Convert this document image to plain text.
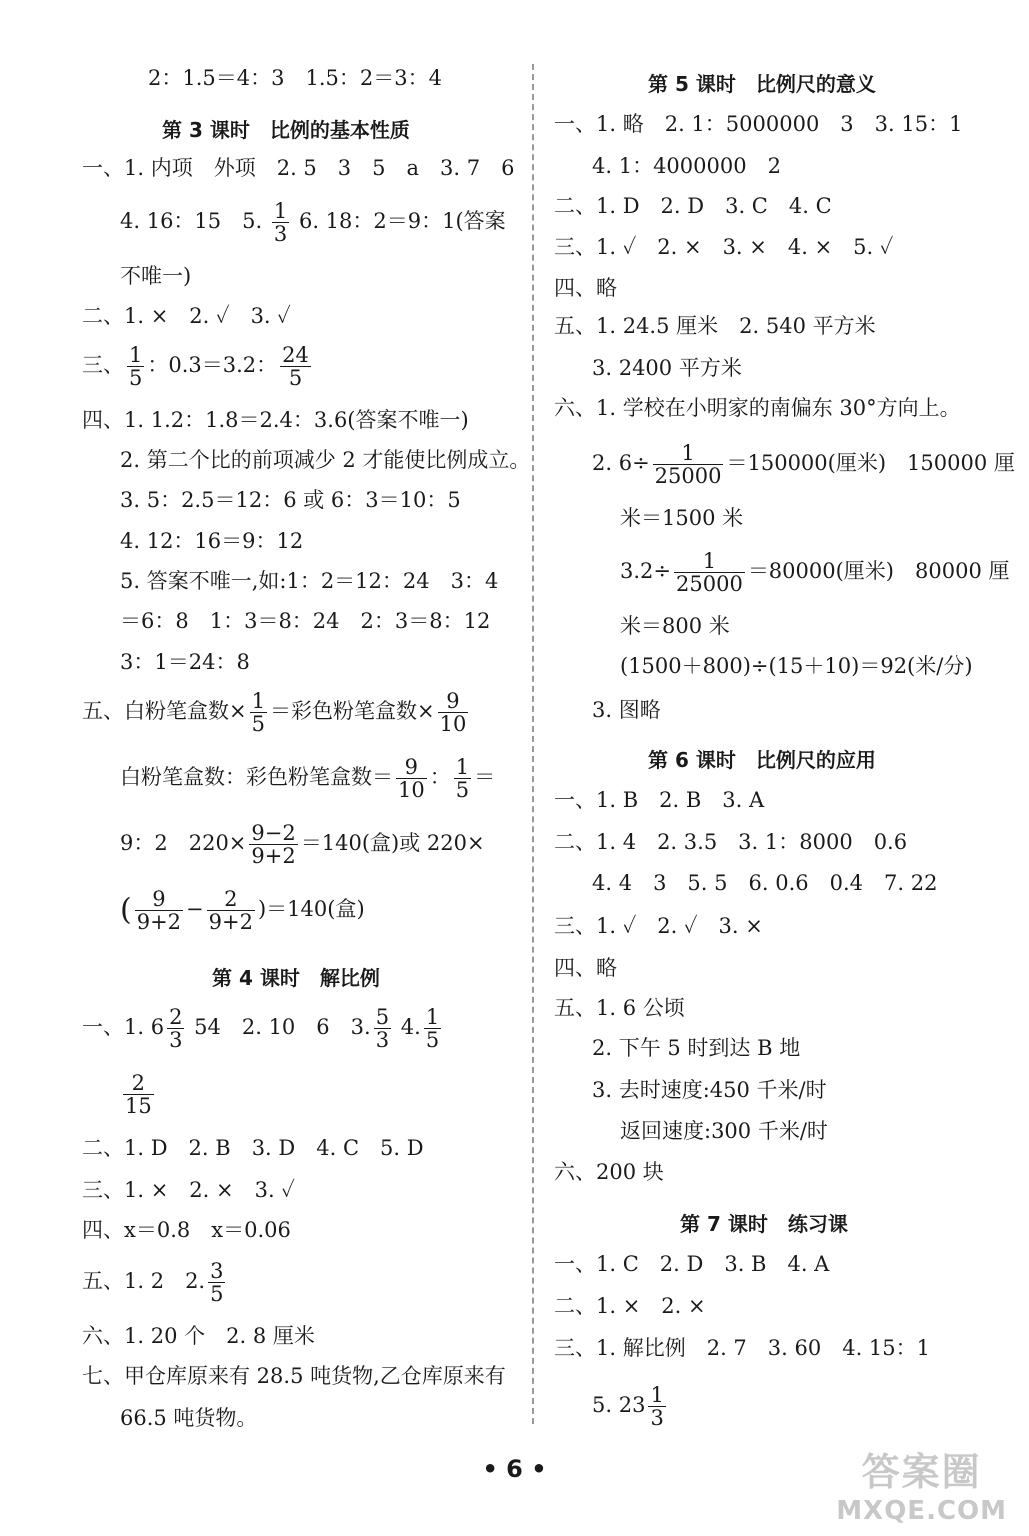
2：1.5＝4：3　1.5：2＝3：4
第 3 课时　比例的基本性质
一、1. 内项　外项　2. 5　3　5　a　3. 7　6
4. 16：15　5. $\frac{1}{3} 6$. 18：2＝9：1(答案
不唯一)
二、1. ×　2. ✓　3. ✓
三、 $\frac{1}{5}$ ：0.3＝3.2： $\frac{24}{5}$
四、1. 1.2：1.8＝2.4：3.6(答案不唯一)
2. 第二个比的前项减少 2 才能使比例成立。
3. 5：2.5＝12：6 或 6：3＝10：5
4. 12：16＝9：12
5. 答案不唯一,如:1：2＝12：24　3：4
＝6：8　1：3＝8：24　2：3＝8：12
3：1＝24：8
五、白粉笔盒数× $\frac{1}{5}$ ＝彩色粉笔盒数× $\frac{9}{10}$
白粉笔盒数：彩色粉笔盒数＝ $\frac{9}{10}$ ： $\frac{1}{5}$ ＝
9：2　$220\times \frac{9-2}{9+2} =140$(盒)或 220×
( $\frac{9}{9+2} - \frac{2}{9+2} )=140$(盒)
第 4 课时　解比例
一、1. $6 \frac{2}{3} 54$　2. 10　6　3. $\frac{5}{3} 4$. $\frac{1}{5}$
$\frac{2}{15}$
二、1. D　2. B　3. D　4. C　5. D
三、1. ×　2. ×　3. ✓
四、x＝0.8　x＝0.06
五、1. 2　2. $\frac{3}{5}$
六、1. 20 个　2. 8 厘米
七、甲仓库原来有 28.5 吨货物,乙仓库原来有
66.5 吨货物。
第 5 课时　比例尺的意义
一、1. 略　2. 1：5000000　3　3. 15：1
4. 1：4000000　2
二、1. D　2. D　3. C　4. C
三、1. ✓　2. ×　3. ×　4. ×　5. ✓
四、略
五、1. 24.5 厘米　2. 540 平方米
3. 2400 平方米
六、1. 学校在小明家的南偏东 30°方向上。
2. $6\div \frac{1}{25000} =150000$(厘米)　150000 厘
米＝1500 米
$3.2\div \frac{1}{25000} =80000$(厘米)　80000 厘
米＝800 米
(1500＋800)÷(15＋10)＝92(米/分)
3. 图略
第 6 课时　比例尺的应用
一、1. B　2. B　3. A
二、1. 4　2. 3.5　3. 1：8000　0.6
4. 4　3　5. 5　6. 0.6　0.4　7. 22
三、1. ✓　2. ✓　3. ×
四、略
五、1. 6 公顷
2. 下午 5 时到达 B 地
3. 去时速度:450 千米/时
返回速度:300 千米/时
六、200 块
第 7 课时　练习课
一、1. C　2. D　3. B　4. A
二、1. ×　2. ×
三、1. 解比例　2. 7　3. 60　4. 15：1
5. $23 \frac{1}{3}$
• 6 •	答案圈
MXQE.COM
